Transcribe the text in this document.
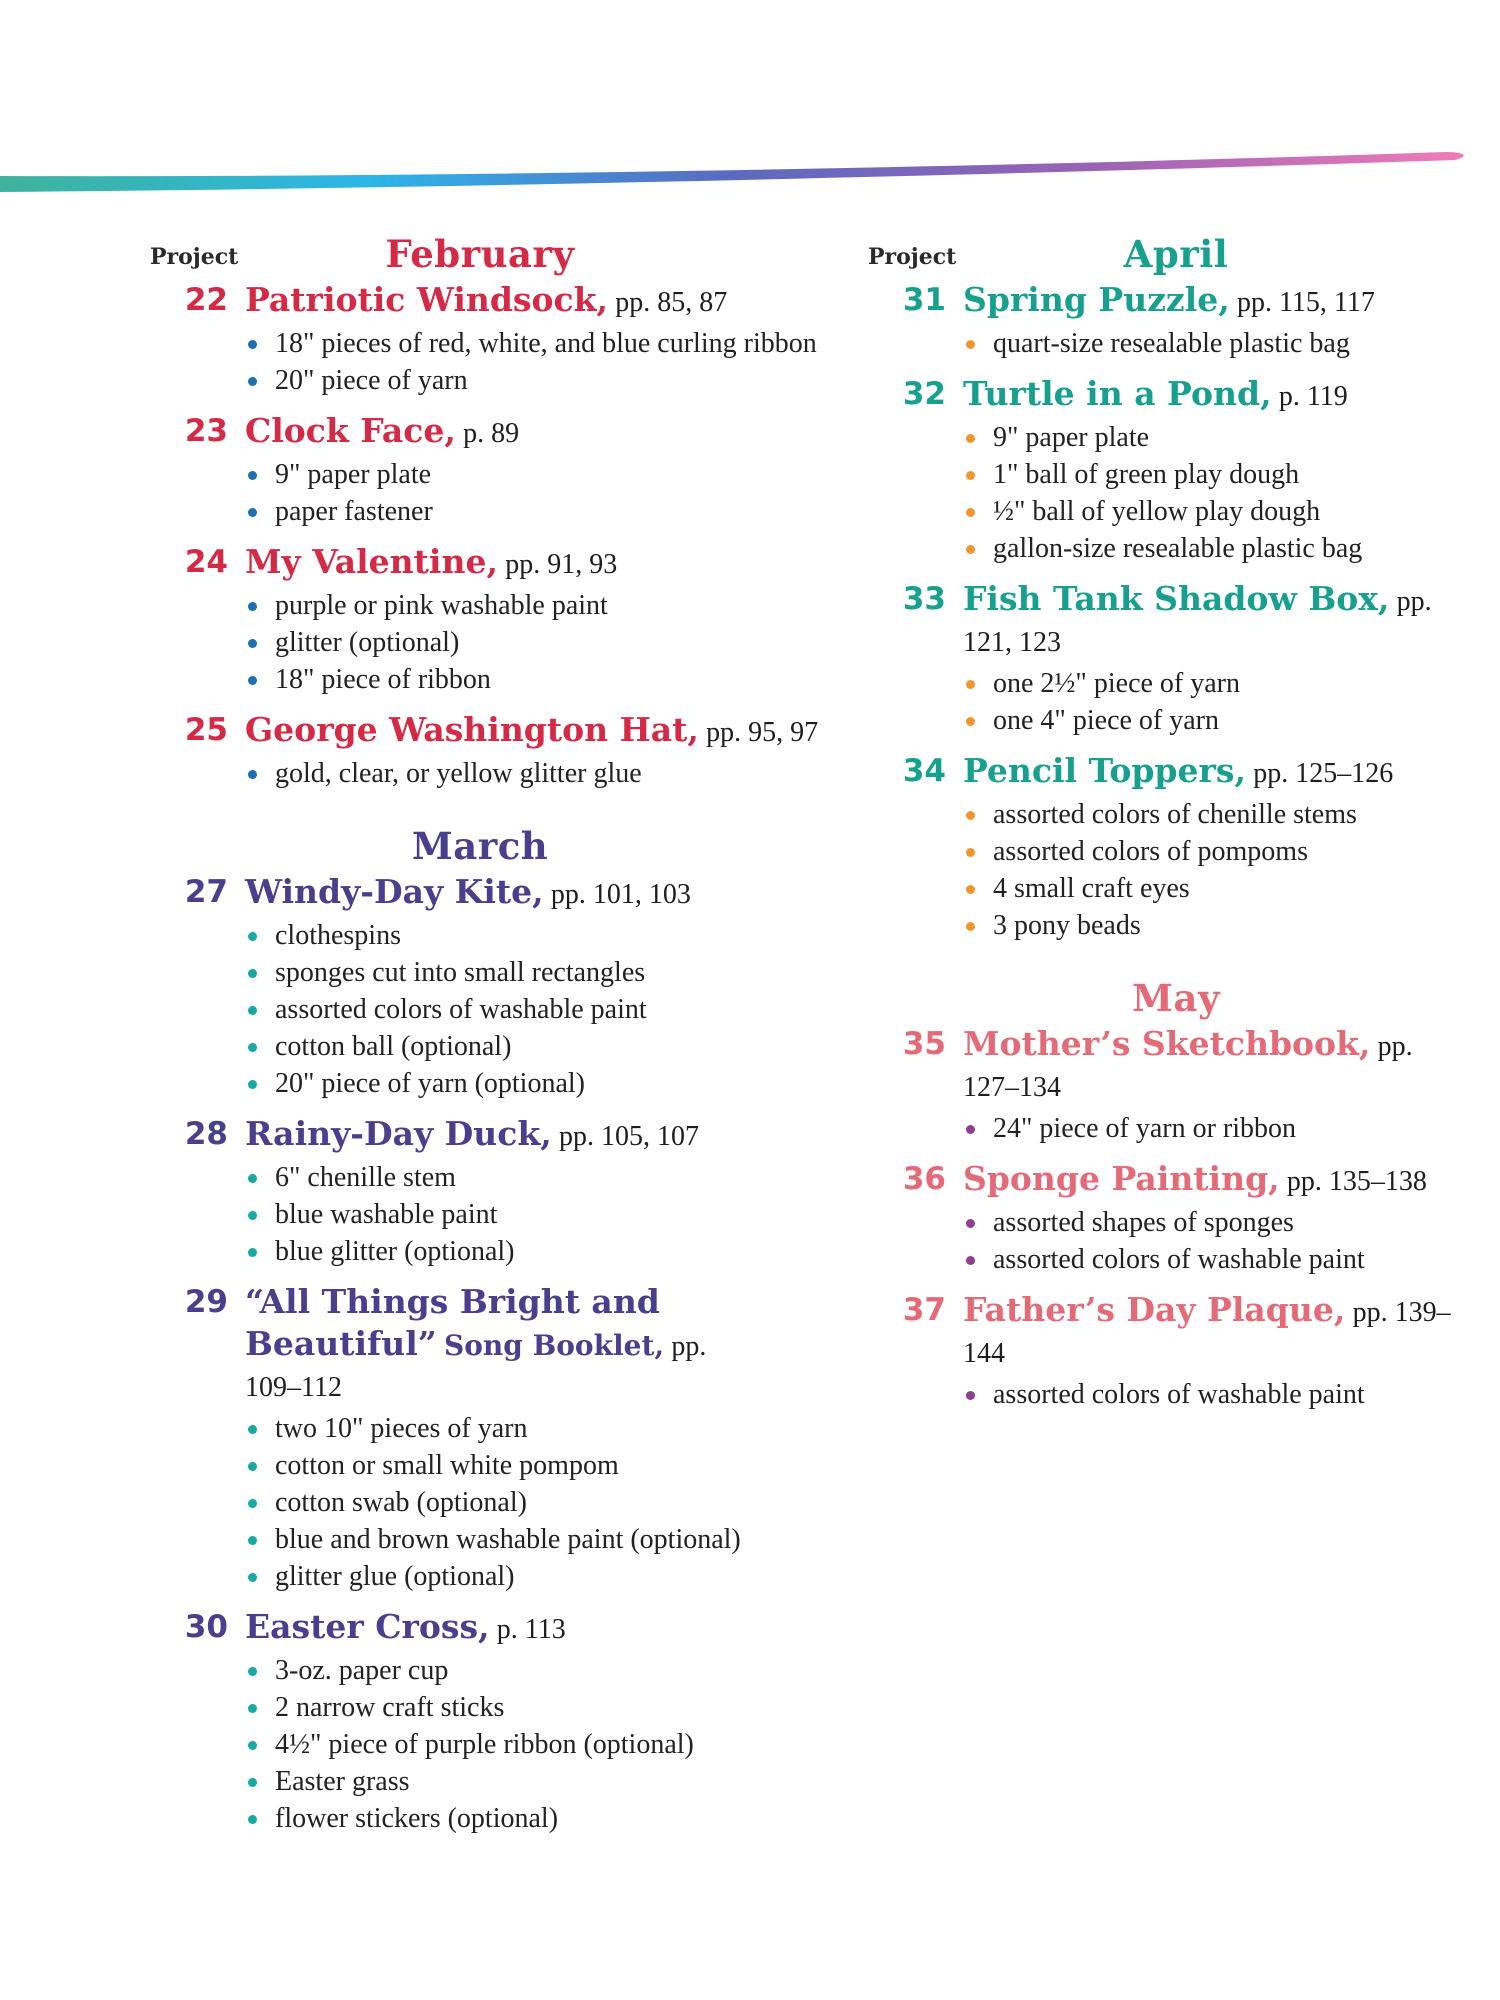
Project	February
22 Patriotic Windsock, pp. 85, 87
18" pieces of red, white, and blue curling ribbon
20" piece of yarn
23 Clock Face, p. 89
9" paper plate
paper fastener
24 My Valentine, pp. 91, 93
purple or pink washable paint
glitter (optional)
18" piece of ribbon
25 George Washington Hat, pp. 95, 97
gold, clear, or yellow glitter glue
March
27 Windy-Day Kite, pp. 101, 103
clothespins
sponges cut into small rectangles
assorted colors of washable paint
cotton ball (optional)
20" piece of yarn (optional)
28 Rainy-Day Duck, pp. 105, 107
6" chenille stem
blue washable paint
blue glitter (optional)
29 “All Things Bright and Beautiful” Song Booklet, pp. 109–112
two 10" pieces of yarn
cotton or small white pompom
cotton swab (optional)
blue and brown washable paint (optional)
glitter glue (optional)
30 Easter Cross, p. 113
3-oz. paper cup
2 narrow craft sticks
4½" piece of purple ribbon (optional)
Easter grass
flower stickers (optional)
Project	April
31 Spring Puzzle, pp. 115, 117
quart-size resealable plastic bag
32 Turtle in a Pond, p. 119
9" paper plate
1" ball of green play dough
½" ball of yellow play dough
gallon-size resealable plastic bag
33 Fish Tank Shadow Box, pp. 121, 123
one 2½" piece of yarn
one 4" piece of yarn
34 Pencil Toppers, pp. 125–126
assorted colors of chenille stems
assorted colors of pompoms
4 small craft eyes
3 pony beads
May
35 Mother’s Sketchbook, pp. 127–134
24" piece of yarn or ribbon
36 Sponge Painting, pp. 135–138
assorted shapes of sponges
assorted colors of washable paint
37 Father’s Day Plaque, pp. 139–144
assorted colors of washable paint
